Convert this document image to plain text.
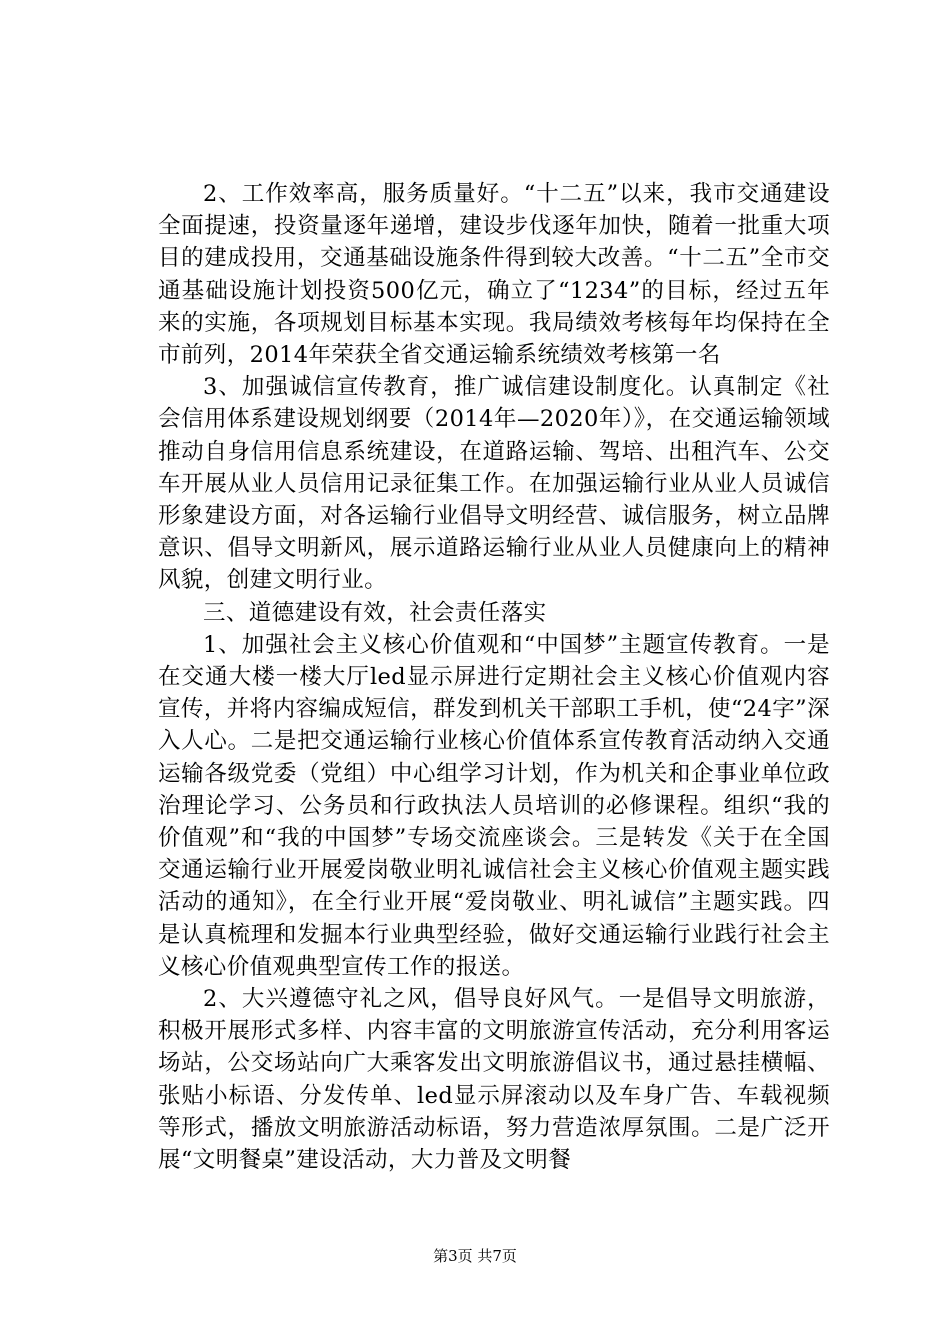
2、工作效率高，服务质量好。“十二五”以来，我市交通建设全面提速，投资量逐年递增，建设步伐逐年加快，随着一批重大项目的建成投用，交通基础设施条件得到较大改善。“十二五”全市交通基础设施计划投资500亿元，确立了“1234”的目标，经过五年来的实施，各项规划目标基本实现。我局绩效考核每年均保持在全市前列，2014年荣获全省交通运输系统绩效考核第一名

3、加强诚信宣传教育，推广诚信建设制度化。认真制定《社会信用体系建设规划纲要（2014年—2020年）》，在交通运输领域推动自身信用信息系统建设，在道路运输、驾培、出租汽车、公交车开展从业人员信用记录征集工作。在加强运输行业从业人员诚信形象建设方面，对各运输行业倡导文明经营、诚信服务，树立品牌意识、倡导文明新风，展示道路运输行业从业人员健康向上的精神风貌，创建文明行业。

三、道德建设有效，社会责任落实

1、加强社会主义核心价值观和“中国梦”主题宣传教育。一是在交通大楼一楼大厅led显示屏进行定期社会主义核心价值观内容宣传，并将内容编成短信，群发到机关干部职工手机，使“24字”深入人心。二是把交通运输行业核心价值体系宣传教育活动纳入交通运输各级党委（党组）中心组学习计划，作为机关和企事业单位政治理论学习、公务员和行政执法人员培训的必修课程。组织“我的价值观”和“我的中国梦”专场交流座谈会。三是转发《关于在全国交通运输行业开展爱岗敬业明礼诚信社会主义核心价值观主题实践活动的通知》，在全行业开展“爱岗敬业、明礼诚信”主题实践。四是认真梳理和发掘本行业典型经验，做好交通运输行业践行社会主义核心价值观典型宣传工作的报送。

2、大兴遵德守礼之风，倡导良好风气。一是倡导文明旅游，积极开展形式多样、内容丰富的文明旅游宣传活动，充分利用客运场站，公交场站向广大乘客发出文明旅游倡议书，通过悬挂横幅、张贴小标语、分发传单、led显示屏滚动以及车身广告、车载视频等形式，播放文明旅游活动标语，努力营造浓厚氛围。二是广泛开展“文明餐桌”建设活动，大力普及文明餐

第3页 共7页
